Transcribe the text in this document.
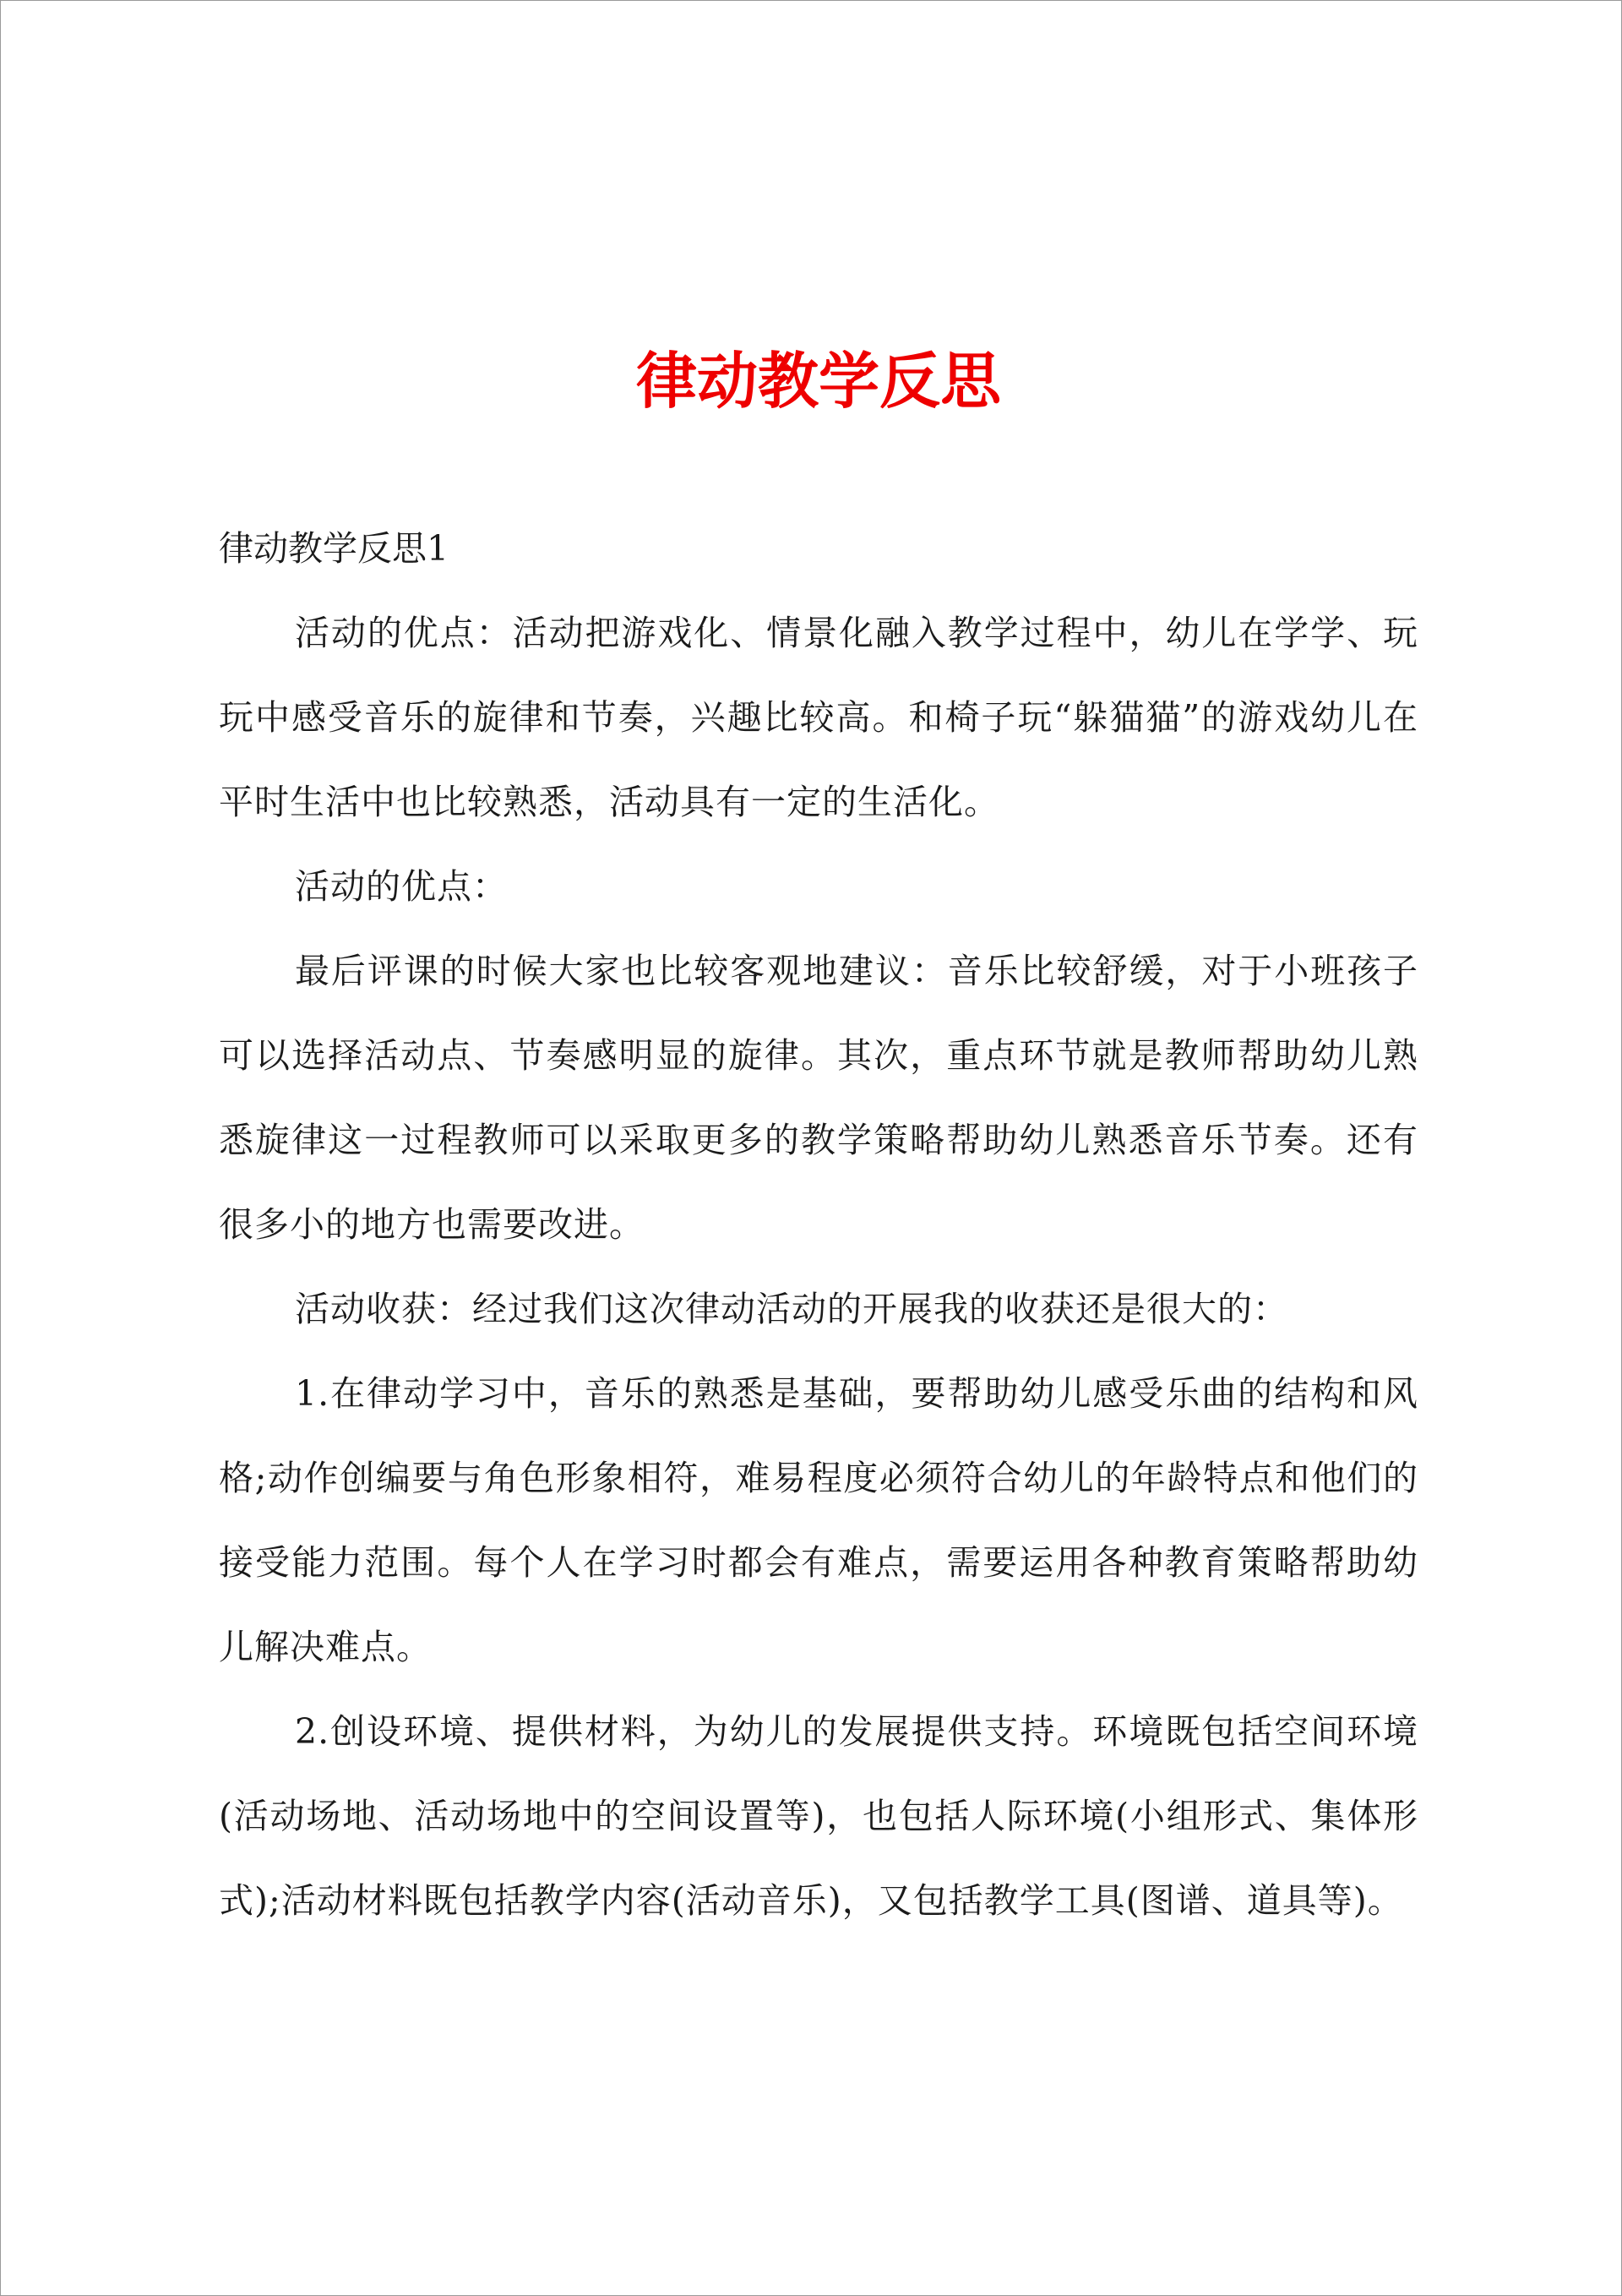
律动教学反思

律动教学反思1

活动的优点：活动把游戏化、情景化融入教学过程中，幼儿在学学、玩玩中感受音乐的旋律和节奏，兴趣比较高。和椅子玩“躲猫猫”的游戏幼儿在平时生活中也比较熟悉，活动具有一定的生活化。

活动的优点：

最后评课的时候大家也比较客观地建议：音乐比较舒缓，对于小班孩子可以选择活动点、节奏感明显的旋律。其次，重点环节就是教师帮助幼儿熟悉旋律这一过程教师可以采取更多的教学策略帮助幼儿熟悉音乐节奏。还有很多小的地方也需要改进。

活动收获：经过我们这次律动活动的开展我的收获还是很大的：

1.在律动学习中，音乐的熟悉是基础，要帮助幼儿感受乐曲的结构和风格;动作创编要与角色形象相符，难易程度必须符合幼儿的年龄特点和他们的接受能力范围。每个人在学习时都会有难点，需要运用各种教育策略帮助幼儿解决难点。

2.创设环境、提供材料，为幼儿的发展提供支持。环境既包括空间环境(活动场地、活动场地中的空间设置等)，也包括人际环境(小组形式、集体形式);活动材料既包括教学内容(活动音乐)，又包括教学工具(图谱、道具等)。
